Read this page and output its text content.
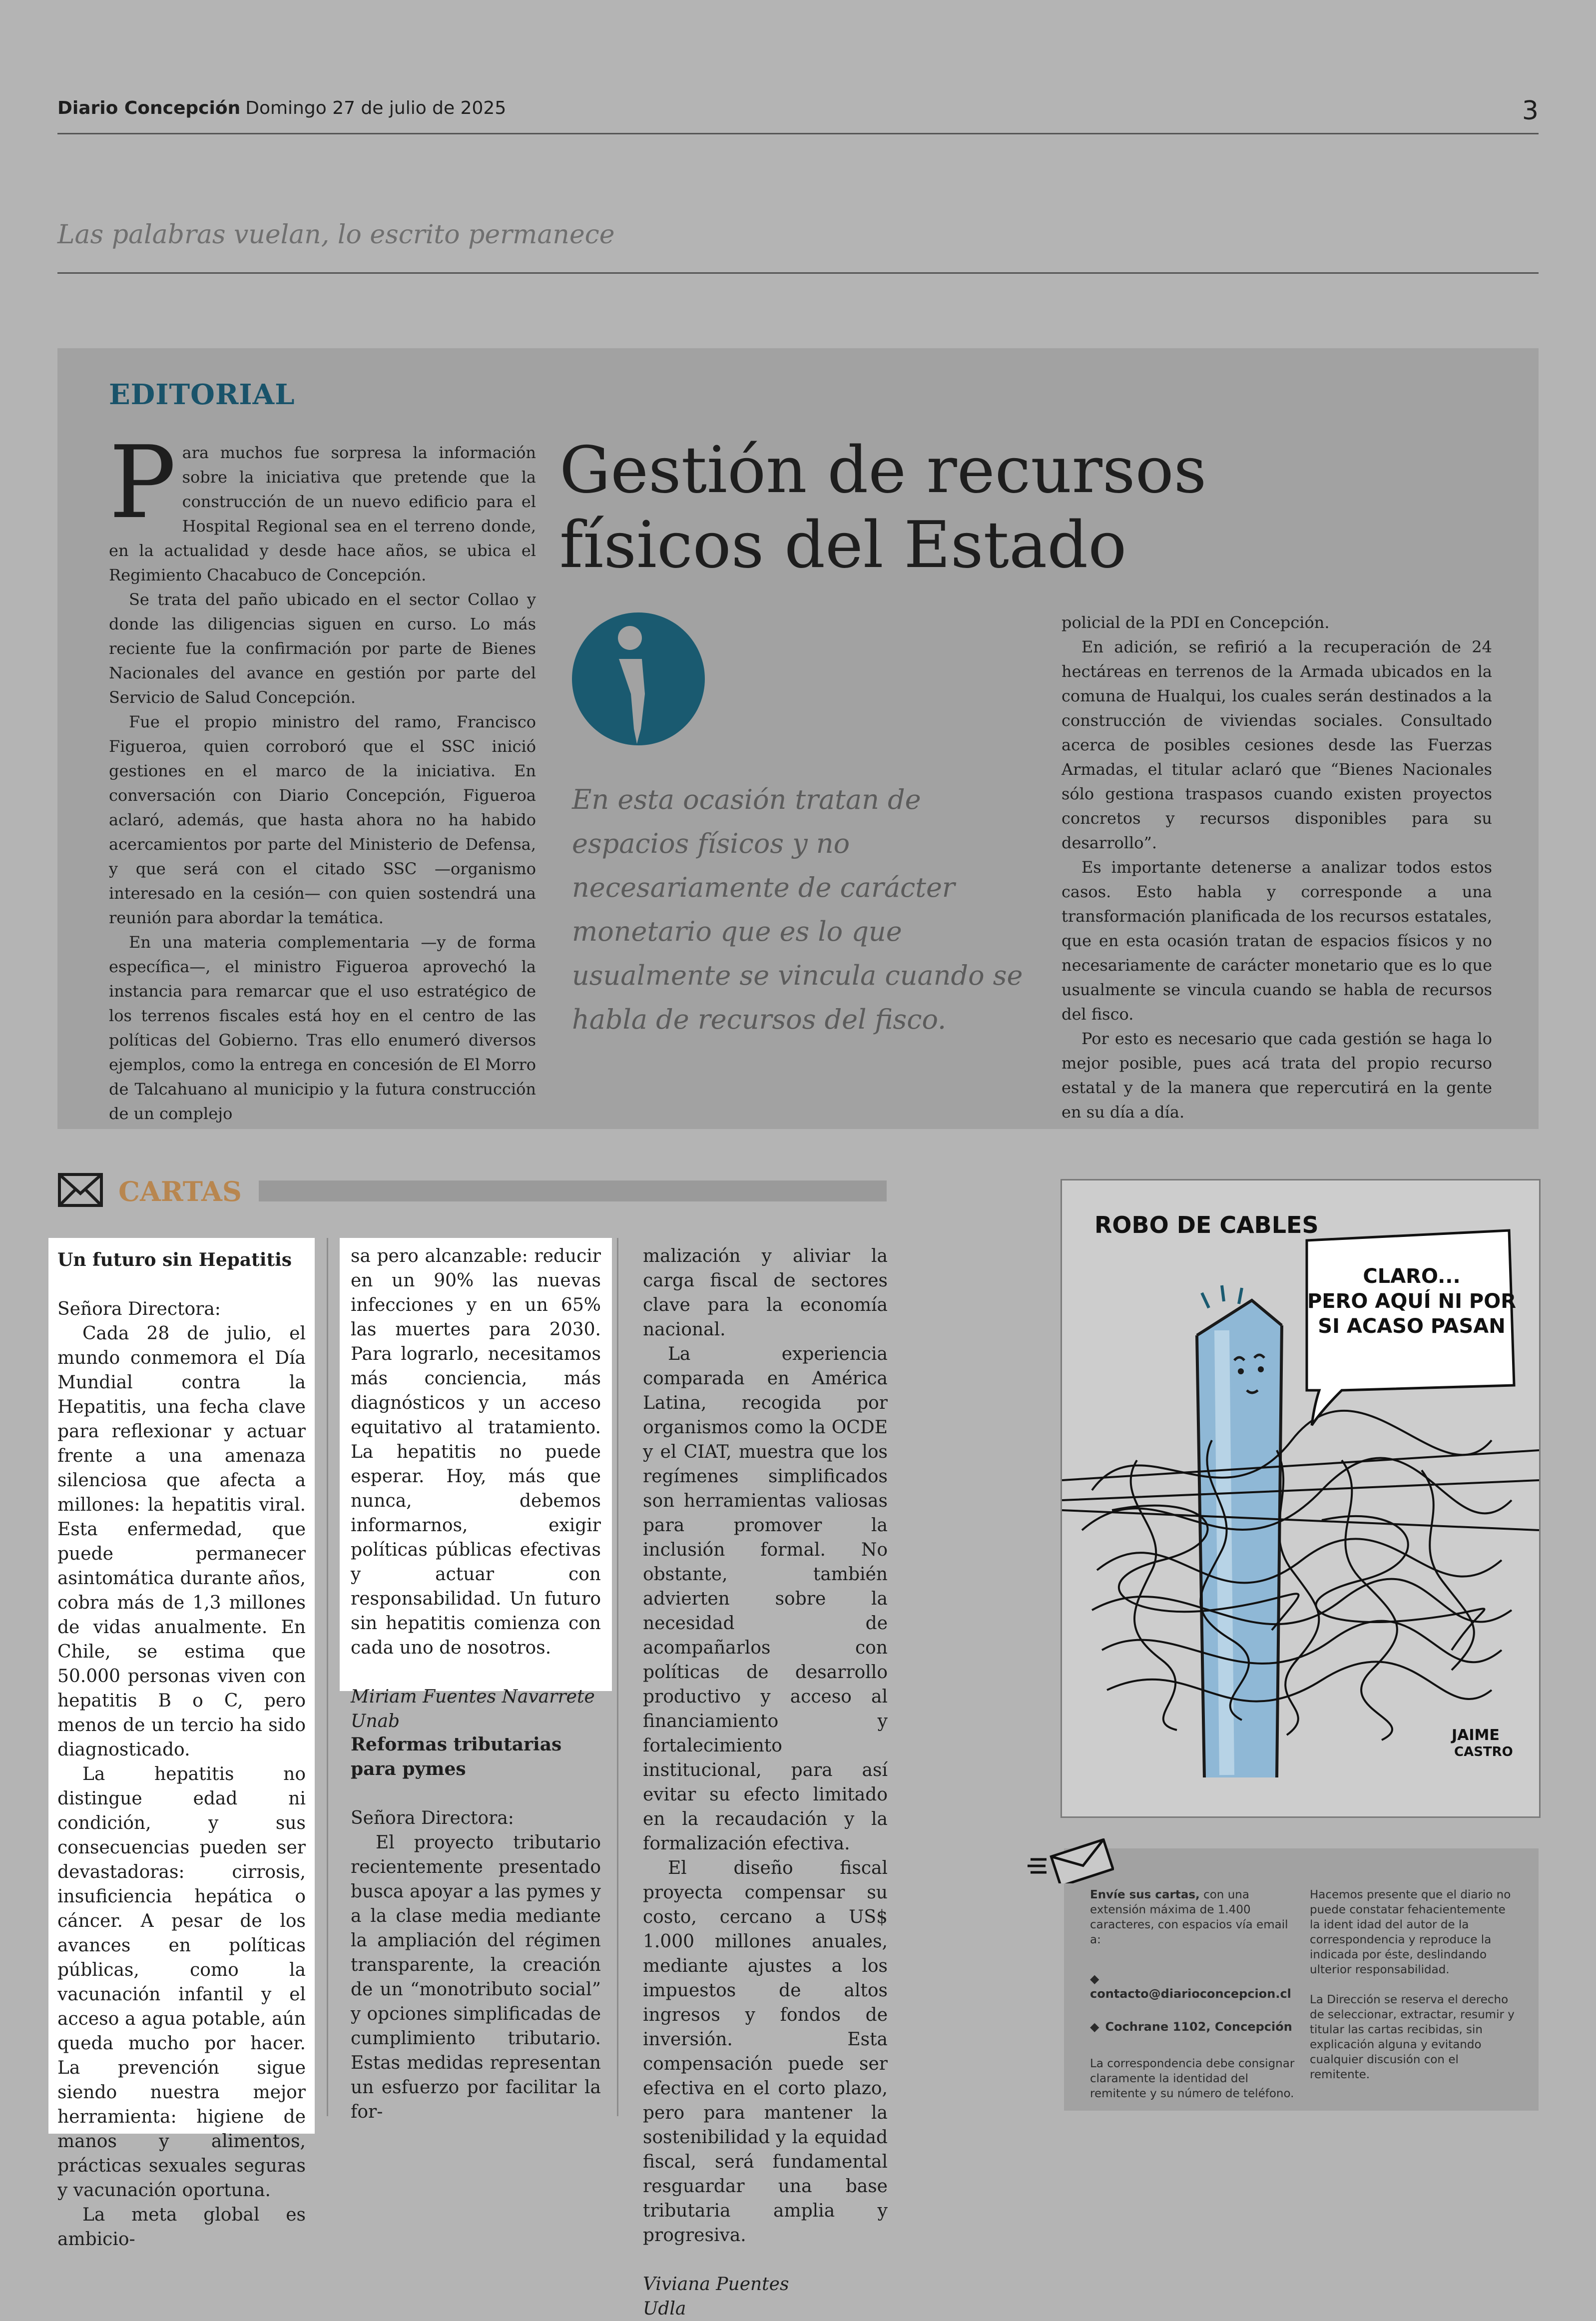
Diario Concepción Domingo 27 de julio de 2025	3
Las palabras vuelan, lo escrito permanece
EDITORIAL

Para muchos fue sorpresa la información sobre la iniciativa que pretende que la construcción de un nuevo edificio para el Hospital Regional sea en el terreno donde, en la actualidad y desde hace años, se ubica el Regimiento Chacabuco de Concepción.

Se trata del paño ubicado en el sector Collao y donde las diligencias siguen en curso. Lo más reciente fue la confirmación por parte de Bienes Nacionales del avance en gestión por parte del Servicio de Salud Concepción.

Fue el propio ministro del ramo, Francisco Figueroa, quien corroboró que el SSC inició gestiones en el marco de la iniciativa. En conversación con Diario Concepción, Figueroa aclaró, además, que hasta ahora no ha habido acercamientos por parte del Ministerio de Defensa, y que será con el citado SSC —organismo interesado en la cesión— con quien sostendrá una reunión para abordar la temática.

En una materia complementaria —y de forma específica—, el ministro Figueroa aprovechó la instancia para remarcar que el uso estratégico de los terrenos fiscales está hoy en el centro de las políticas del Gobierno. Tras ello enumeró diversos ejemplos, como la entrega en concesión de El Morro de Talcahuano al municipio y la futura construcción de un complejo

Gestión de recursos físicos del Estado
En esta ocasión tratan de espacios físicos y no necesariamente de carácter monetario que es lo que usualmente se vincula cuando se habla de recursos del fisco.

policial de la PDI en Concepción.

En adición, se refirió a la recuperación de 24 hectáreas en terrenos de la Armada ubicados en la comuna de Hualqui, los cuales serán destinados a la construcción de viviendas sociales. Consultado acerca de posibles cesiones desde las Fuerzas Armadas, el titular aclaró que “Bienes Nacionales sólo gestiona traspasos cuando existen proyectos concretos y recursos disponibles para su desarrollo”.

Es importante detenerse a analizar todos estos casos. Esto habla y corresponde a una transformación planificada de los recursos estatales, que en esta ocasión tratan de espacios físicos y no necesariamente de carácter monetario que es lo que usualmente se vincula cuando se habla de recursos del fisco.

Por esto es necesario que cada gestión se haga lo mejor posible, pues acá trata del propio recurso estatal y de la manera que repercutirá en la gente en su día a día.

CARTAS

Un futuro sin Hepatitis

Señora Directora:

Cada 28 de julio, el mundo conmemora el Día Mundial contra la Hepatitis, una fecha clave para reflexionar y actuar frente a una amenaza silenciosa que afecta a millones: la hepatitis viral. Esta enfermedad, que puede permanecer asintomática durante años, cobra más de 1,3 millones de vidas anualmente. En Chile, se estima que 50.000 personas viven con hepatitis B o C, pero menos de un tercio ha sido diagnosticado.

La hepatitis no distingue edad ni condición, y sus consecuencias pueden ser devastadoras: cirrosis, insuficiencia hepática o cáncer. A pesar de los avances en políticas públicas, como la vacunación infantil y el acceso a agua potable, aún queda mucho por hacer. La prevención sigue siendo nuestra mejor herramienta: higiene de manos y alimentos, prácticas sexuales seguras y vacunación oportuna.

La meta global es ambicio-

sa pero alcanzable: reducir en un 90% las nuevas infecciones y en un 65% las muertes para 2030. Para lograrlo, necesitamos más conciencia, más diagnósticos y un acceso equitativo al tratamiento. La hepatitis no puede esperar. Hoy, más que nunca, debemos informarnos, exigir políticas públicas efectivas y actuar con responsabilidad. Un futuro sin hepatitis comienza con cada uno de nosotros.

Miriam Fuentes Navarrete

Unab

Reformas tributarias para pymes

Señora Directora:

El proyecto tributario recientemente presentado busca apoyar a las pymes y a la clase media mediante la ampliación del régimen transparente, la creación de un “monotributo social” y opciones simplificadas de cumplimiento tributario. Estas medidas representan un esfuerzo por facilitar la for-

malización y aliviar la carga fiscal de sectores clave para la economía nacional.

La experiencia comparada en América Latina, recogida por organismos como la OCDE y el CIAT, muestra que los regímenes simplificados son herramientas valiosas para promover la inclusión formal. No obstante, también advierten sobre la necesidad de acompañarlos con políticas de desarrollo productivo y acceso al financiamiento y fortalecimiento institucional, para así evitar su efecto limitado en la recaudación y la formalización efectiva.

El diseño fiscal proyecta compensar su costo, cercano a US$ 1.000 millones anuales, mediante ajustes a los impuestos de altos ingresos y fondos de inversión. Esta compensación puede ser efectiva en el corto plazo, pero para mantener la sostenibilidad y la equidad fiscal, será fundamental resguardar una base tributaria amplia y progresiva.

Viviana Puentes

Udla

ROBO DE CABLES
CLARO...
PERO AQUÍ NI POR
SI ACASO PASAN
JAIME
CASTRO

Envíe sus cartas, con una extensión máxima de 1.400 caracteres, con espacios vía email a:

◆contacto@diarioconcepcion.cl

◆ Cochrane 1102, Concepción

La correspondencia debe consignar claramente la identidad del remitente y su número de teléfono.

Hacemos presente que el diario no puede constatar fehacientemente la ident idad del autor de la correspondencia y reproduce la indicada por éste, deslindando ulterior responsabilidad.

La Dirección se reserva el derecho de seleccionar, extractar, resumir y titular las cartas recibidas, sin explicación alguna y evitando cualquier discusión con el remitente.
